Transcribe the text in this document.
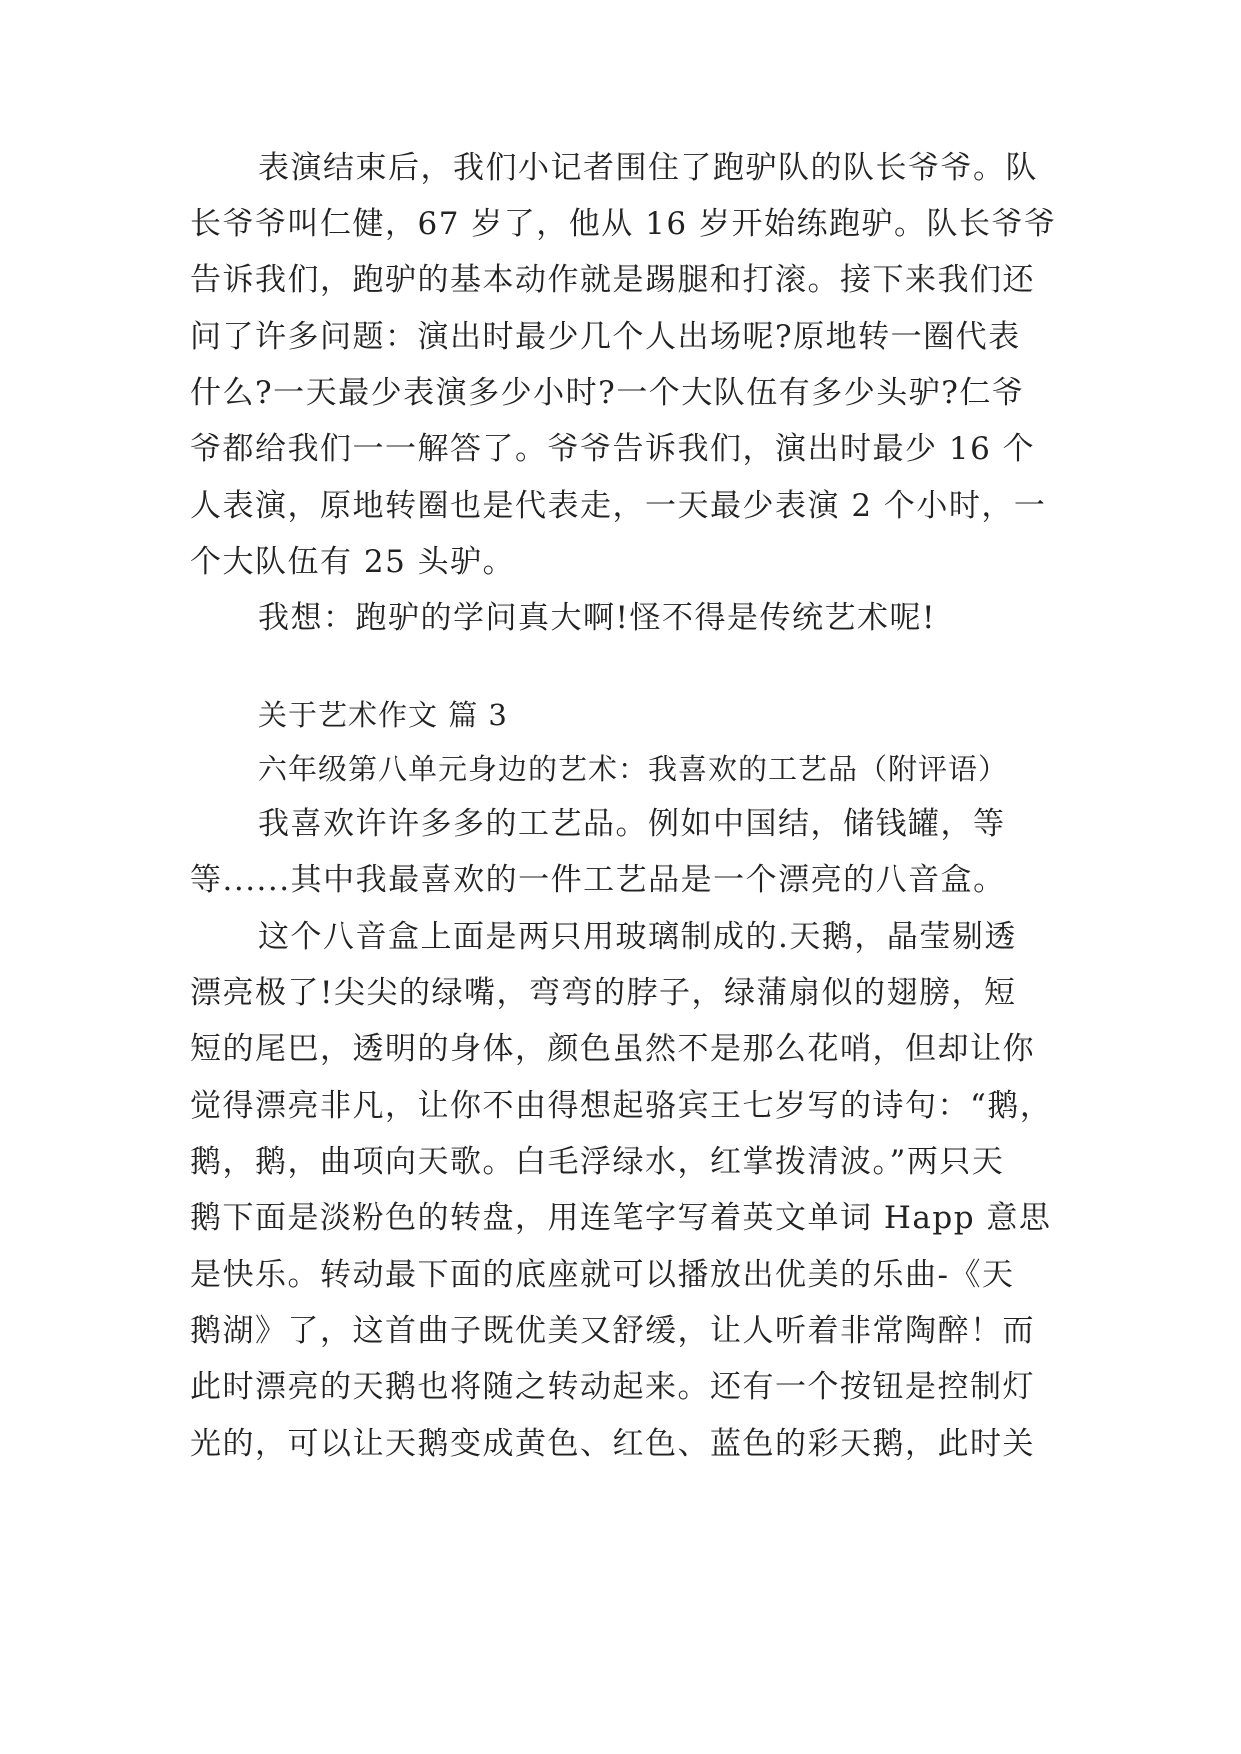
表演结束后，我们小记者围住了跑驴队的队长爷爷。队
长爷爷叫仁健，67 岁了，他从 16 岁开始练跑驴。队长爷爷
告诉我们，跑驴的基本动作就是踢腿和打滚。接下来我们还
问了许多问题：演出时最少几个人出场呢?原地转一圈代表
什么?一天最少表演多少小时?一个大队伍有多少头驴?仁爷
爷都给我们一一解答了。爷爷告诉我们，演出时最少 16 个
人表演，原地转圈也是代表走，一天最少表演 2 个小时，一
个大队伍有 25 头驴。
我想：跑驴的学问真大啊!怪不得是传统艺术呢!
关于艺术作文 篇 3
六年级第八单元身边的艺术：我喜欢的工艺品（附评语）
我喜欢许许多多的工艺品。例如中国结，储钱罐，等
等......其中我最喜欢的一件工艺品是一个漂亮的八音盒。
这个八音盒上面是两只用玻璃制成的.天鹅，晶莹剔透
漂亮极了!尖尖的绿嘴，弯弯的脖子，绿蒲扇似的翅膀，短
短的尾巴，透明的身体，颜色虽然不是那么花哨，但却让你
觉得漂亮非凡，让你不由得想起骆宾王七岁写的诗句：“鹅，
鹅，鹅，曲项向天歌。白毛浮绿水，红掌拨清波。”两只天
鹅下面是淡粉色的转盘，用连笔字写着英文单词 Happ 意思
是快乐。转动最下面的底座就可以播放出优美的乐曲-《天
鹅湖》了，这首曲子既优美又舒缓，让人听着非常陶醉！而
此时漂亮的天鹅也将随之转动起来。还有一个按钮是控制灯
光的，可以让天鹅变成黄色、红色、蓝色的彩天鹅，此时关
